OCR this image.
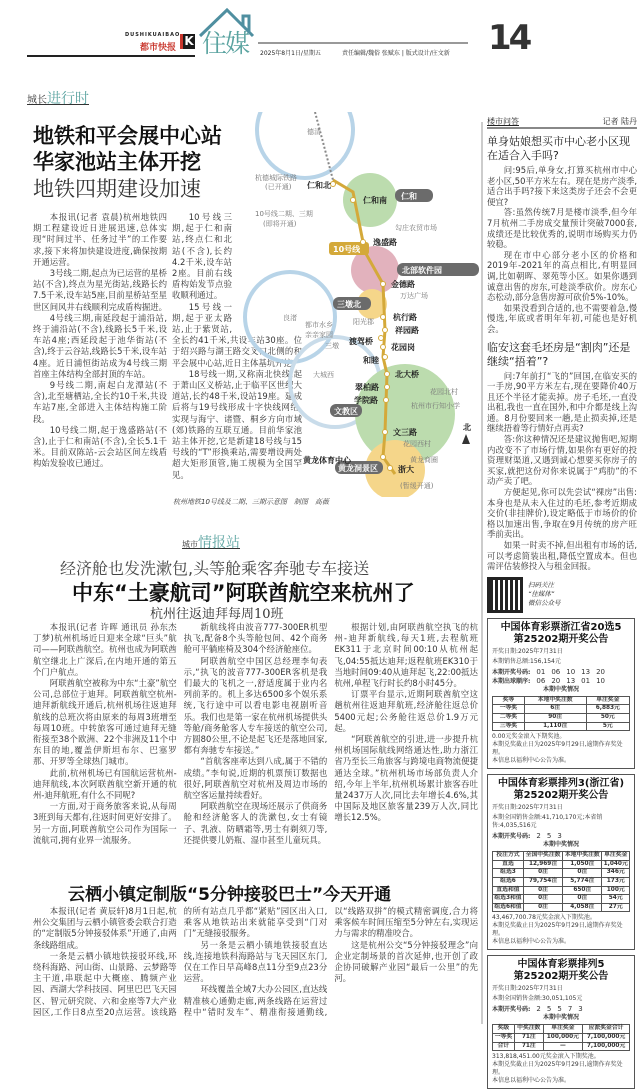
DUSHIKUAIBAO
都市快报 K 住媒 2025年8月1日/星期五	责任编辑/魏俗 张赋东 | 版式设计/庄文新 14
城长进行时
地铁和平会展中心站
华家池站主体开挖
地铁四期建设加速

本报讯(记者 袁晨)杭州地铁四期工程建设近日进展迅速,总体实现“时间过半、任务过半”的工作要求,接下来将加快建设进度,确保按期开通运营。

3号线二期,起点为已运营的星桥站(不含),终点为星光街站,线路长约7.5千米,设车站5座,目前星桥站至星世区间风井右线顺利完成盾构掘进。

4号线三期,南延段起于浦沿站,终于浦沿站(不含),线路长5千米,设车站4座;西延段起于池华街站(不含),终于云谷站,线路长5千米,设车站4座。近日浦恒街站成为4号线三期首座主体结构全部封顶的车站。

9号线二期,南起白龙潭站(不含),北至塘栖站,全长约10千米,共设车站7座,全部进入主体结构施工阶段。

10号线二期,起于逸盛路站(不含),止于仁和南站(不含),全长5.1千米。目前双陈站-云会站区间左线盾构始发验收已通过。

10号线三期,起于仁和南站,终点仁和北站(不含),长约4.2千米,设车站2座。目前右线盾构始发节点验收顺利通过。

15号线一期,起于亚太路站,止于紫贤站,全长约41千米,共设车站30座。位于绍兴路与湖王路交叉口北侧的和平会展中心站,近日主体基坑开挖。

18号线一期,又称南北快线,起于萧山区义桥站,止于临平区世纪大道站,长约48千米,设站19座。建成后将与19号线形成十字快线网络,实现与海宁、诸暨、桐乡方向市域(郊)铁路的互联互通。目前华家池站主体开挖,它是新建18号线与15号线的“T”形换乘站,需要增设两处超大矩形顶管,施工规模为全国罕见。

杭州地铁10号线及二期、三期示意图　制图　高薇
德清
良渚
大城西
仁和
北部软件园
三墩北
文教区
黄龙洞景区
10号线
仁和北
仁和南
逸盛路
金德路
杭行路
祥园路
渡驾桥
花园岗
和睦
北大桥
翠柏路
学院路
文三路
黄龙体育中心
浙大
杭德城际铁路
(已开通)
10号线二期、三期
(即将开通)
(暂缓开通)
勾庄农贸市场
万达广场
都市水乡
亲亲家园
阳光郡
三墩
花园北村
杭州市行知小学
花园西村
黄龙商圈
北
城市情报站
经济舱也发洗漱包,头等舱乘客奔驰专车接送
中东“土豪航司”阿联酋航空来杭州了
杭州往返迪拜每周10班

本报讯(记者 许晖 通讯员 孙东杰 丁梦)杭州机场近日迎来全球“巨头”航司——阿联酋航空。杭州也成为阿联酋航空继北上广深后,在内地开通的第五个门户航点。

阿联酋航空被称为中东“土豪”航空公司,总部位于迪拜。阿联酋航空杭州-迪拜新航线开通后,杭州机场往返迪拜航线的总班次将由原来的每周3班增至每周10班。中转旅客可通过迪拜无缝衔接至38个欧洲、22个非洲及11个中东目的地,覆盖伊斯坦布尔、巴塞罗那、开罗等全球热门城市。

此前,杭州机场已有国航运营杭州-迪拜航线,本次阿联酋航空新开通的杭州-迪拜航班,有什么不同呢?

一方面,对于商务旅客来说,从每周3班到每天都有,往返时间更好安排了。另一方面,阿联酋航空公司作为国际一流航司,拥有业界一流服务。

新航线将由波音777-300ER机型执飞,配备8个头等舱包间、42个商务舱可平躺座椅及304个经济舱座位。

阿联酋航空中国区总经理李旬表示,“执飞的波音777-300ER客机是我们最大的飞机之一,舒适度属于业内名列前茅的。机上多达6500多个娱乐系统,飞行途中可以看电影电视剧听音乐。我们也是第一家在杭州机场提供头等舱/商务舱客人专车接送的航空公司,方圆80公里,不论是起飞还是落地回家,都有奔驰专车接送。”

“首航客座率达到八成,属于不错的成绩。”李旬说,近期的机票预订数据也很好,阿联酋航空对杭州及周边市场的航空客运量持续看好。

阿联酋航空在现场还展示了供商务舱和经济舱客人的洗漱包,女士有镜子、乳液、防晒霜等,男士有剃须刀等,还提供婴儿奶瓶、湿巾甚至儿童玩具。

根据计划,由阿联酋航空执飞的杭州-迪拜新航线,每天1班,去程航班EK311于北京时间00:10从杭州起飞,04:55抵达迪拜;返程航班EK310于当地时间09:40从迪拜起飞,22:00抵达杭州,单程飞行时长约8小时45分。

订票平台显示,近期阿联酋航空这趟杭州往返迪拜航班,经济舱往返总价5400元起;公务舱往返总价1.9万元起。

“阿联酋航空的引进,进一步提升杭州机场国际航线网络通达性,助力浙江省乃至长三角旅客与跨境电商物流便捷通达全球。”杭州机场市场部负责人介绍,今年上半年,杭州机场累计旅客吞吐量2437万人次,同比去年增长4.6%,其中国际及地区旅客量239万人次,同比增长12.5%。

云栖小镇定制版“5分钟接驳巴士”今天开通

本报讯(记者 黄辰轩)8月1日起,杭州公交集团与云栖小镇管委会联合打造的“定制版5分钟接驳体系”开通了,由两条线路组成。

一条是云栖小镇地铁接驳环线,环绕科海路、河山街、山景路、云梦路等主干道,串联起中大概座、腾频产业园、西湖大学科技园、阿里巴巴飞天园区、智元研究院、六和金座等7大产业园区,工作日8点至20点运营。该线路的所有站点几乎都“紧贴”园区出入口,乘客从地铁站出来就能享受到“门对门”无缝接驳服务。

另一条是云栖小镇地铁接驳直达线,连接地铁科海路站与飞天园区东门,仅在工作日早高峰8点11分至9点23分运营。

环线覆盖全域7大办公园区,直达线精准核心通勤走廊,两条线路在运营过程中“错时发车”、精准衔接通勤线,以“线路双拼”的模式精密调度,合力将乘客候车时间压缩至5分钟左右,实现运力与需求的精准咬合。

这是杭州公交“5分钟接驳理念”向企业定制场景的首次延伸,也开创了政企协同破解产业园“最后一公里”的先河。

楼市问答	记者 陆丹
单身姑娘想买市中心老小区现在适合入手吗?

问:95后,单身女,打算买杭州市中心老小区,50平方米左右。现在是房产淡季,适合出手吗?接下来这类房子还会不会更便宜?

答:虽然传统7月是楼市淡季,但今年7月杭州二手房成交量预计突破7000套,成绩还是比较优秀的,说明市场购买力仍较稳。

现在市中心部分老小区的价格和2019年-2021年的高点相比,有明显回调,比如朝晖、翠苑等小区。如果你遇到诚意出售的房东,可趁淡季砍价。房东心态松动,部分急售房源可砍价5%-10%。

如果没看到合适的,也不需要着急,慢慢选,年底或者明年年初,可能也是好机会。

临安这套毛坯房是“割肉”还是继续“捂着”?

问:7年前打“飞的”回国,在临安买的一手房,90平方米左右,现在要降价40万且还个半径才能卖掉。房子毛坯,一直没出租,我也一直在国外,和中介都是线上沟通。8月份要回来一趟,是止损卖掉,还是继续捂着等行情好点再卖?

答:你这种情况还是建议抛售吧,短期内改变不了市场行情,如果你有更好的投资理财渠道,又遇到诚心想要买你房子的买家,就把这份对你来说属于“鸡肋”的不动产卖了吧。

方便起见,你可以先尝试“裸房”出售:本身也是从未入住过的毛坯,参考近期成交价(非挂牌价),设定略低于市场价的价格以加速出售,争取在9月传统的房产旺季前卖出。

如果一时卖不掉,但出租有市场的话,可以考虑简装出租,降低空置成本。但也需评估装修投入与租金回报。

扫码关注
“住媒体”
微信公众号
中国体育彩票浙江省20选5
第25202期开奖公告
开奖日期:2025年7月31日
本期销售总额:156,154元
本期开奖号码: 01 06 10 13 20
本期出球顺序: 06 20 13 01 10
本期中奖情况
奖等	本地中奖注数	单注奖金
一等奖	6注	6,883元
二等奖	90注	50元
三等奖	1,110注	5元
0.00元奖金滚入下期奖池。
本期兑奖截止日为2025年9月29日,逾期作弃奖处理。
本信息以福利中心公告为准。
中国体育彩票排列3(浙江省)
第25202期开奖公告
开奖日期:2025年7月31日
本期全国销售金额:41,710,170元;本省销售:4,035,516元
本期开奖号码: 2 5 3
本期中奖情况
投注方式	全国中奖注数	本地中奖注数	单注奖金
直选	12,969注	1,050注	1,040元
组选3	0注	0注	346元
组选6	79,754注	5,774注	173元
直选和值	0注	650注	100元
组选3和值	0注	0注	54元
组选6和值	0注	4,058注	27元
43,467,700.78元奖金滚入下期奖池。
本期兑奖截止日为2025年9月29日,逾期作弃奖处理。
本信息以福利中心公告为准。
中国体育彩票排列5
第25202期开奖公告
开奖日期:2025年7月31日
本期全国销售金额:30,051,105元
本期开奖号码: 2 5 5 7 3
本期中奖情况
奖级	中奖注数	单注奖金	应派奖金合计
一等奖	71注	100,000元	7,100,000元
合计	71注	—	7,100,000元
313,818,451.00元奖金滚入下期奖池。
本期兑奖截止日为2025年9月29日,逾期作弃奖处理。
本信息以福利中心公告为准。
